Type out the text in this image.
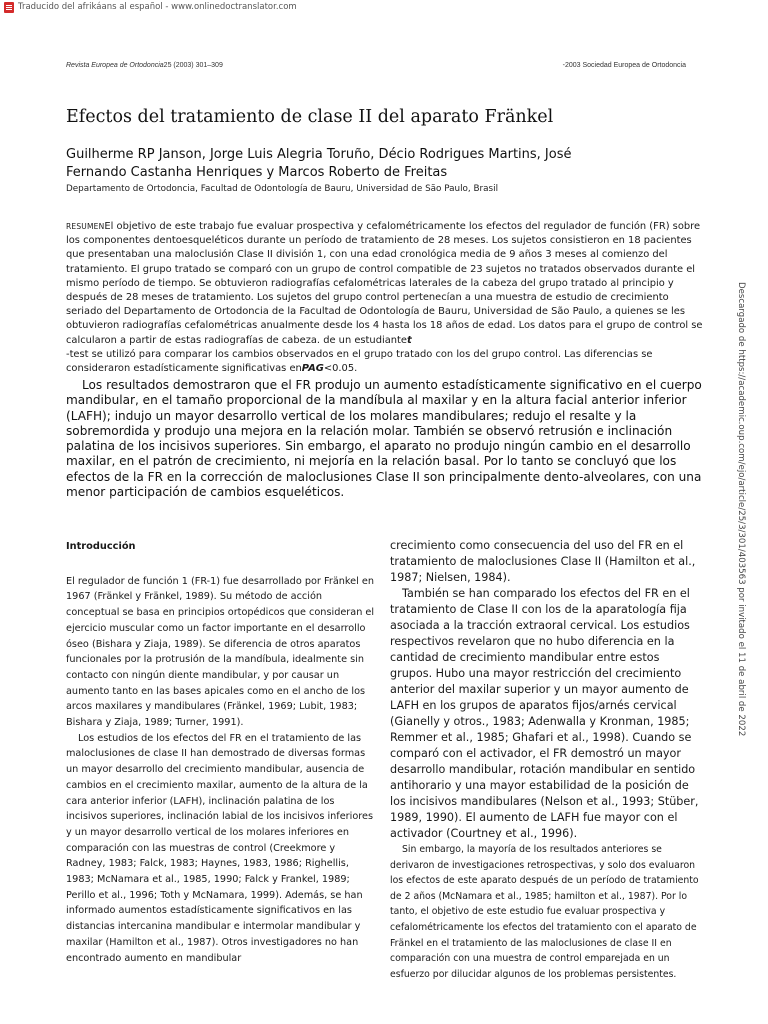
Traducido del afrikáans al español - www.onlinedoctranslator.com
Revista Europea de Ortodoncia25 (2003) 301–309	-2003 Sociedad Europea de Ortodoncia
Efectos del tratamiento de clase II del aparato Fränkel

Guilherme RP Janson, Jorge Luis Alegria Toruño, Décio Rodrigues Martins, José Fernando Castanha Henriques y Marcos Roberto de Freitas

Departamento de Ortodoncia, Facultad de Odontología de Bauru, Universidad de São Paulo, Brasil

RESUMENEl objetivo de este trabajo fue evaluar prospectiva y cefalométricamente los efectos del regulador de función (FR) sobre los componentes dentoesqueléticos durante un período de tratamiento de 28 meses. Los sujetos consistieron en 18 pacientes que presentaban una maloclusión Clase II división 1, con una edad cronológica media de 9 años 3 meses al comienzo del tratamiento. El grupo tratado se comparó con un grupo de control compatible de 23 sujetos no tratados observados durante el mismo período de tiempo. Se obtuvieron radiografías cefalométricas laterales de la cabeza del grupo tratado al principio y después de 28 meses de tratamiento. Los sujetos del grupo control pertenecían a una muestra de estudio de crecimiento seriado del Departamento de Ortodoncia de la Facultad de Odontología de Bauru, Universidad de São Paulo, a quienes se les obtuvieron radiografías cefalométricas anualmente desde los 4 hasta los 18 años de edad. Los datos para el grupo de control se calcularon a partir de estas radiografías de cabeza. de un estudiantet
-test se utilizó para comparar los cambios observados en el grupo tratado con los del grupo control. Las diferencias se consideraron estadísticamente significativas enPAG<0.05.

Los resultados demostraron que el FR produjo un aumento estadísticamente significativo en el cuerpo mandibular, en el tamaño proporcional de la mandíbula al maxilar y en la altura facial anterior inferior (LAFH); indujo un mayor desarrollo vertical de los molares mandibulares; redujo el resalte y la sobremordida y produjo una mejora en la relación molar. También se observó retrusión e inclinación palatina de los incisivos superiores. Sin embargo, el aparato no produjo ningún cambio en el desarrollo maxilar, en el patrón de crecimiento, ni mejoría en la relación basal. Por lo tanto se concluyó que los efectos de la FR en la corrección de maloclusiones Clase II son principalmente dento-alveolares, con una menor participación de cambios esqueléticos.

Introducción

El regulador de función 1 (FR-1) fue desarrollado por Fränkel en 1967 (Fränkel y Fränkel, 1989). Su método de acción conceptual se basa en principios ortopédicos que consideran el ejercicio muscular como un factor importante en el desarrollo óseo (Bishara y Ziaja, 1989). Se diferencia de otros aparatos funcionales por la protrusión de la mandíbula, idealmente sin contacto con ningún diente mandibular, y por causar un aumento tanto en las bases apicales como en el ancho de los arcos maxilares y mandibulares (Fränkel, 1969; Lubit, 1983; Bishara y Ziaja, 1989; Turner, 1991).

Los estudios de los efectos del FR en el tratamiento de las maloclusiones de clase II han demostrado de diversas formas un mayor desarrollo del crecimiento mandibular, ausencia de cambios en el crecimiento maxilar, aumento de la altura de la cara anterior inferior (LAFH), inclinación palatina de los incisivos superiores, inclinación labial de los incisivos inferiores y un mayor desarrollo vertical de los molares inferiores en comparación con las muestras de control (Creekmore y Radney, 1983; Falck, 1983; Haynes, 1983, 1986; Righellis, 1983; McNamara et al., 1985, 1990; Falck y Frankel, 1989; Perillo et al., 1996; Toth y McNamara, 1999). Además, se han informado aumentos estadísticamente significativos en las distancias intercanina mandibular e intermolar mandibular y maxilar (Hamilton et al., 1987). Otros investigadores no han encontrado aumento en mandibular

crecimiento como consecuencia del uso del FR en el tratamiento de maloclusiones Clase II (Hamilton et al., 1987; Nielsen, 1984).

También se han comparado los efectos del FR en el tratamiento de Clase II con los de la aparatología fija asociada a la tracción extraoral cervical. Los estudios respectivos revelaron que no hubo diferencia en la cantidad de crecimiento mandibular entre estos grupos. Hubo una mayor restricción del crecimiento anterior del maxilar superior y un mayor aumento de LAFH en los grupos de aparatos fijos/arnés cervical (Gianelly y otros., 1983; Adenwalla y Kronman, 1985; Remmer et al., 1985; Ghafari et al., 1998). Cuando se comparó con el activador, el FR demostró un mayor desarrollo mandibular, rotación mandibular en sentido antihorario y una mayor estabilidad de la posición de los incisivos mandibulares (Nelson et al., 1993; Stüber, 1989, 1990). El aumento de LAFH fue mayor con el activador (Courtney et al., 1996).

Sin embargo, la mayoría de los resultados anteriores se derivaron de investigaciones retrospectivas, y solo dos evaluaron los efectos de este aparato después de un período de tratamiento de 2 años (McNamara et al., 1985; hamilton et al., 1987). Por lo tanto, el objetivo de este estudio fue evaluar prospectiva y cefalométricamente los efectos del tratamiento con el aparato de Fränkel en el tratamiento de las maloclusiones de clase II en comparación con una muestra de control emparejada en un esfuerzo por dilucidar algunos de los problemas persistentes.

Descargado de https://academic.oup.com/ejo/article/25/3/301/403563 por invitado el 11 de abril de 2022
